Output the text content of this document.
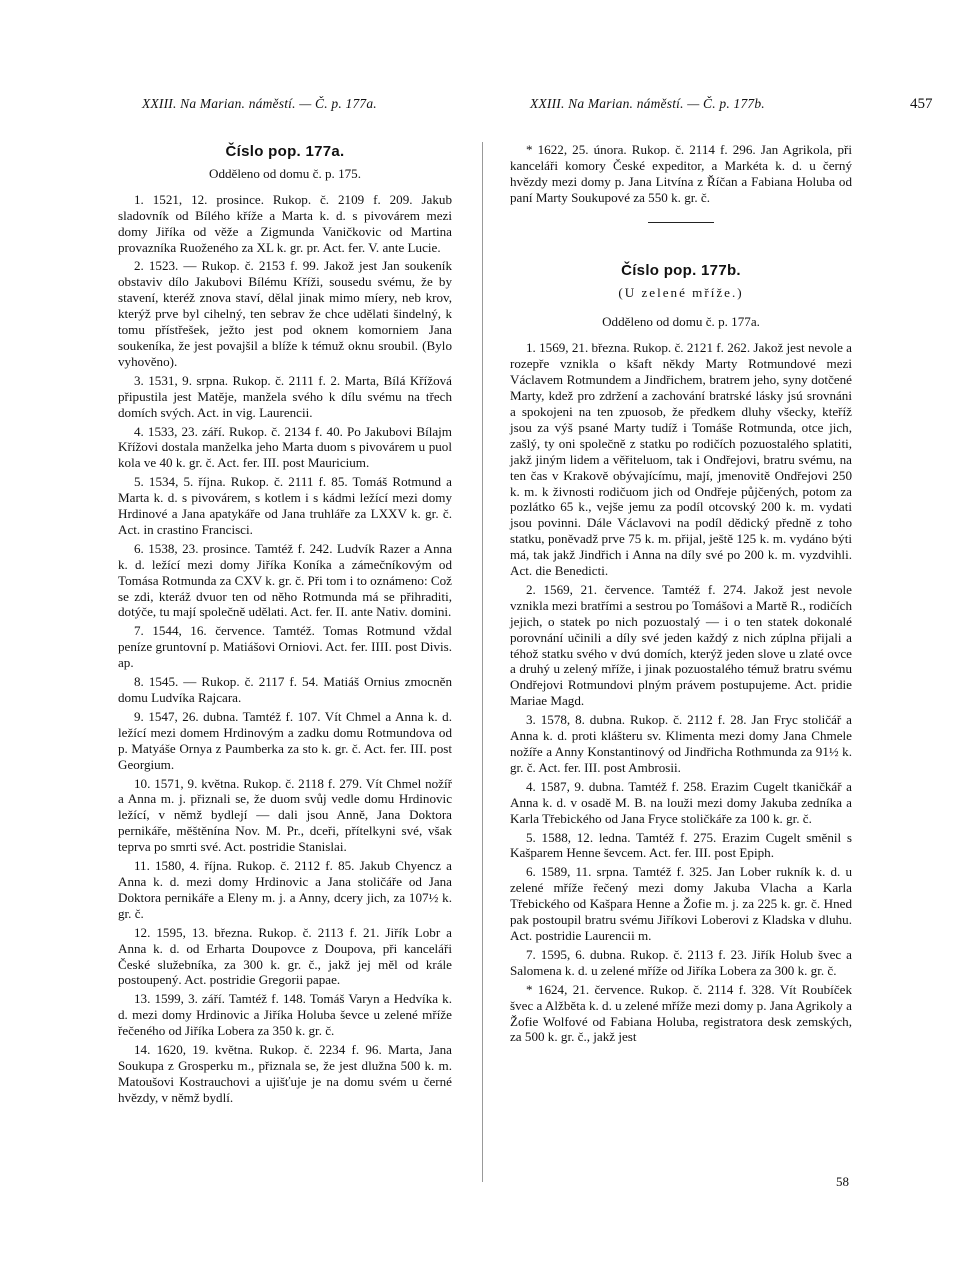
XXIII. Na Marian. náměstí. — Č. p. 177a.	XXIII. Na Marian. náměstí. — Č. p. 177b.	457
Číslo pop. 177a.

Odděleno od domu č. p. 175.

1. 1521, 12. prosince. Rukop. č. 2109 f. 209. Jakub sladovník od Bílého kříže a Marta k. d. s pivovárem mezi domy Jiříka od věže a Zigmunda Vaničkovic od Martina provazníka Ruoženého za XL k. gr. pr. Act. fer. V. ante Lucie.

2. 1523. — Rukop. č. 2153 f. 99. Jakož jest Jan soukeník obstaviv dílo Jakubovi Bílému Kříži, sousedu svému, že by stavení, kteréž znova staví, dělal jinak mimo míery, neb krov, kterýž prve byl cihelný, ten sebrav že chce udělati šindelný, k tomu přístřešek, ježto jest pod oknem komorniem Jana soukeníka, že jest povajšil a blíže k témuž oknu sroubil. (Bylo vyhověno).

3. 1531, 9. srpna. Rukop. č. 2111 f. 2. Marta, Bílá Křížová připustila jest Matěje, manžela svého k dílu svému na třech domích svých. Act. in vig. Laurencii.

4. 1533, 23. září. Rukop. č. 2134 f. 40. Po Jakubovi Bílajm Křížovi dostala manželka jeho Marta duom s pivovárem u puol kola ve 40 k. gr. č. Act. fer. III. post Mauricium.

5. 1534, 5. října. Rukop. č. 2111 f. 85. Tomáš Rotmund a Marta k. d. s pivovárem, s kotlem i s kádmi ležící mezi domy Hrdinové a Jana apatykáře od Jana truhláře za LXXV k. gr. č. Act. in crastino Francisci.

6. 1538, 23. prosince. Tamtéž f. 242. Ludvík Razer a Anna k. d. ležící mezi domy Jiříka Koníka a zámečníkovým od Tomása Rotmunda za CXV k. gr. č. Při tom i to oznámeno: Což se zdi, kteráž dvuor ten od něho Rotmunda má se přihraditi, dotýče, tu mají společně udělati. Act. fer. II. ante Nativ. domini.

7. 1544, 16. července. Tamtéž. Tomas Rotmund vždal peníze gruntovní p. Matiášovi Orniovi. Act. fer. IIII. post Divis. ap.

8. 1545. — Rukop. č. 2117 f. 54. Matiáš Ornius zmocněn domu Ludvíka Rajcara.

9. 1547, 26. dubna. Tamtéž f. 107. Vít Chmel a Anna k. d. ležící mezi domem Hrdinovým a zadku domu Rotmundova od p. Matyáše Ornya z Paumberka za sto k. gr. č. Act. fer. III. post Georgium.

10. 1571, 9. května. Rukop. č. 2118 f. 279. Vít Chmel nožíř a Anna m. j. přiznali se, že duom svůj vedle domu Hrdinovic ležící, v němž bydlejí — dali jsou Anně, Jana Doktora pernikáře, měštěnína Nov. M. Pr., dceři, přítelkyni své, však teprva po smrti své. Act. postridie Stanislai.

11. 1580, 4. října. Rukop. č. 2112 f. 85. Jakub Chyencz a Anna k. d. mezi domy Hrdinovic a Jana stoličáře od Jana Doktora pernikáře a Eleny m. j. a Anny, dcery jich, za 107½ k. gr. č.

12. 1595, 13. března. Rukop. č. 2113 f. 21. Jiřík Lobr a Anna k. d. od Erharta Doupovce z Doupova, při kanceláři České služebníka, za 300 k. gr. č., jakž jej měl od krále postoupený. Act. postridie Gregorii papae.

13. 1599, 3. září. Tamtéž f. 148. Tomáš Varyn a Hedvíka k. d. mezi domy Hrdinovic a Jiříka Holuba ševce u zelené mříže řečeného od Jiříka Lobera za 350 k. gr. č.

14. 1620, 19. května. Rukop. č. 2234 f. 96. Marta, Jana Soukupa z Grosperku m., přiznala se, že jest dlužna 500 k. m. Matoušovi Kostrauchovi a ujišťuje je na domu svém u černé hvězdy, v němž bydlí.

* 1622, 25. února. Rukop. č. 2114 f. 296. Jan Agrikola, při kanceláři komory České expeditor, a Markéta k. d. u černý hvězdy mezi domy p. Jana Litvína z Říčan a Fabiana Holuba od paní Marty Soukupové za 550 k. gr. č.

Číslo pop. 177b.

(U zelené mříže.)

Odděleno od domu č. p. 177a.

1. 1569, 21. března. Rukop. č. 2121 f. 262. Jakož jest nevole a rozepře vznikla o kšaft někdy Marty Rotmundové mezi Václavem Rotmundem a Jindřichem, bratrem jeho, syny dotčené Marty, kdež pro zdržení a zachování bratrské lásky jsú srovnáni a spokojeni na ten zpuosob, že předkem dluhy všecky, kteříž jsou za výš psané Marty tudíž i Tomáše Rotmunda, otce jich, zašlý, ty oni společně z statku po rodičích pozuostalého splatiti, jakž jiným lidem a věřiteluom, tak i Ondřejovi, bratru svému, na ten čas v Krakově obývajícímu, mají, jmenovitě Ondřejovi 250 k. m. k živnosti rodičuom jich od Ondřeje půjčených, potom za pozlátko 65 k., vejše jemu za podíl otcovský 200 k. m. vydati jsou povinni. Dále Václavovi na podíl dědický předně z toho statku, poněvadž prve 75 k. m. přijal, ještě 125 k. m. vydáno býti má, tak jakž Jindřich i Anna na díly své po 200 k. m. vyzdvihli. Act. die Benedicti.

2. 1569, 21. července. Tamtéž f. 274. Jakož jest nevole vznikla mezi bratřími a sestrou po Tomášovi a Martě R., rodičích jejich, o statek po nich pozuostalý — i o ten statek dokonalé porovnání učinili a díly své jeden každý z nich zúplna přijali a téhož statku svého v dvú domích, kterýž jeden slove u zlaté ovce a druhý u zelený mříže, i jinak pozuostalého témuž bratru svému Ondřejovi Rotmundovi plným právem postupujeme. Act. pridie Mariae Magd.

3. 1578, 8. dubna. Rukop. č. 2112 f. 28. Jan Fryc stoličář a Anna k. d. proti klášteru sv. Klimenta mezi domy Jana Chmele nožíře a Anny Konstantinový od Jindřicha Rothmunda za 91½ k. gr. č. Act. fer. III. post Ambrosii.

4. 1587, 9. dubna. Tamtéž f. 258. Erazim Cugelt tkaničkář a Anna k. d. v osadě M. B. na louži mezi domy Jakuba zedníka a Karla Třebického od Jana Fryce stoličkáře za 100 k. gr. č.

5. 1588, 12. ledna. Tamtéž f. 275. Erazim Cugelt směnil s Kašparem Henne ševcem. Act. fer. III. post Epiph.

6. 1589, 11. srpna. Tamtéž f. 325. Jan Lober rukník k. d. u zelené mříže řečený mezi domy Jakuba Vlacha a Karla Třebického od Kašpara Henne a Žofie m. j. za 225 k. gr. č. Hned pak postoupil bratru svému Jiříkovi Loberovi z Kladska v dluhu. Act. postridie Laurencii m.

7. 1595, 6. dubna. Rukop. č. 2113 f. 23. Jiřík Holub švec a Salomena k. d. u zelené mříže od Jiříka Lobera za 300 k. gr. č.

* 1624, 21. července. Rukop. č. 2114 f. 328. Vít Roubíček švec a Alžběta k. d. u zelené mříže mezi domy p. Jana Agrikoly a Žofie Wolfové od Fabiana Holuba, registratora desk zemských, za 500 k. gr. č., jakž jest

58
